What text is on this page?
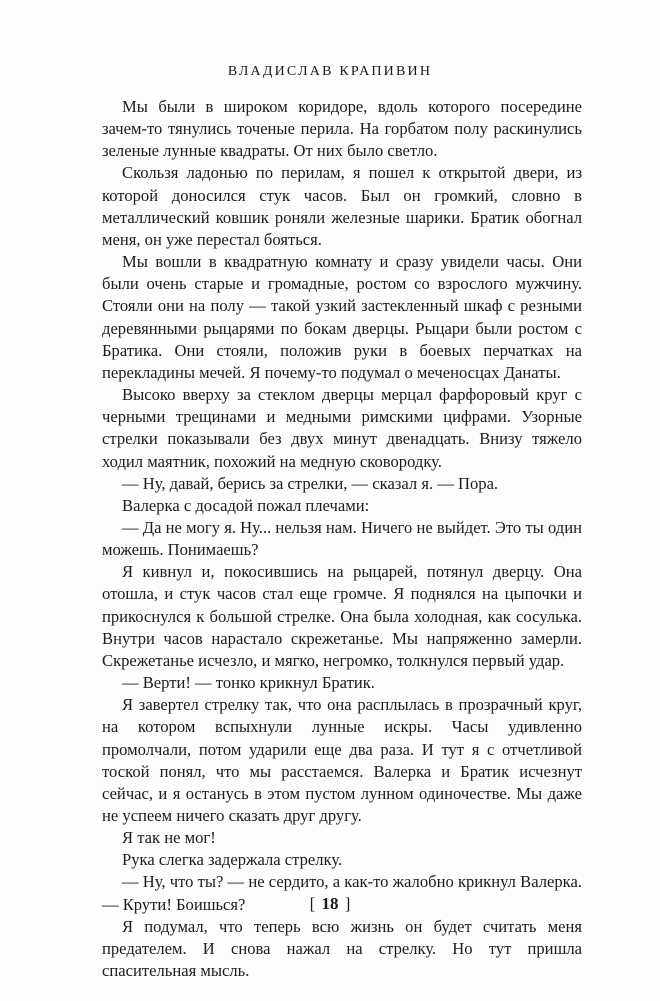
ВЛАДИСЛАВ КРАПИВИН

Мы были в широком коридоре, вдоль которого посередине зачем-то тянулись точеные перила. На горбатом полу раскинулись зеленые лунные квадраты. От них было светло.

Скользя ладонью по перилам, я пошел к открытой двери, из которой доносился стук часов. Был он громкий, словно в металлический ковшик роняли железные шарики. Братик обогнал меня, он уже перестал бояться.

Мы вошли в квадратную комнату и сразу увидели часы. Они были очень старые и громадные, ростом со взрослого мужчину. Стояли они на полу — такой узкий застекленный шкаф с резными деревянными рыцарями по бокам дверцы. Рыцари были ростом с Братика. Они стояли, положив руки в боевых перчатках на перекладины мечей. Я почему-то подумал о меченосцах Данаты.

Высоко вверху за стеклом дверцы мерцал фарфоровый круг с черными трещинами и медными римскими цифрами. Узорные стрелки показывали без двух минут двенадцать. Внизу тяжело ходил маятник, похожий на медную сковородку.

— Ну, давай, берись за стрелки, — сказал я. — Пора.

Валерка с досадой пожал плечами:

— Да не могу я. Ну... нельзя нам. Ничего не выйдет. Это ты один можешь. Понимаешь?

Я кивнул и, покосившись на рыцарей, потянул дверцу. Она отошла, и стук часов стал еще громче. Я поднялся на цыпочки и прикоснулся к большой стрелке. Она была холодная, как сосулька. Внутри часов нарастало скрежетанье. Мы напряженно замерли. Скрежетанье исчезло, и мягко, негромко, толкнулся первый удар.

— Верти! — тонко крикнул Братик.

Я завертел стрелку так, что она расплылась в прозрачный круг, на котором вспыхнули лунные искры. Часы удивленно промолчали, потом ударили еще два раза. И тут я с отчетливой тоской понял, что мы расстаемся. Валерка и Братик исчезнут сейчас, и я останусь в этом пустом лунном одиночестве. Мы даже не успеем ничего сказать друг другу.

Я так не мог!

Рука слегка задержала стрелку.

— Ну, что ты? — не сердито, а как-то жалобно крикнул Валерка. — Крути! Боишься?

Я подумал, что теперь всю жизнь он будет считать меня предателем. И снова нажал на стрелку. Но тут пришла спасительная мысль.

[ 18 ]
